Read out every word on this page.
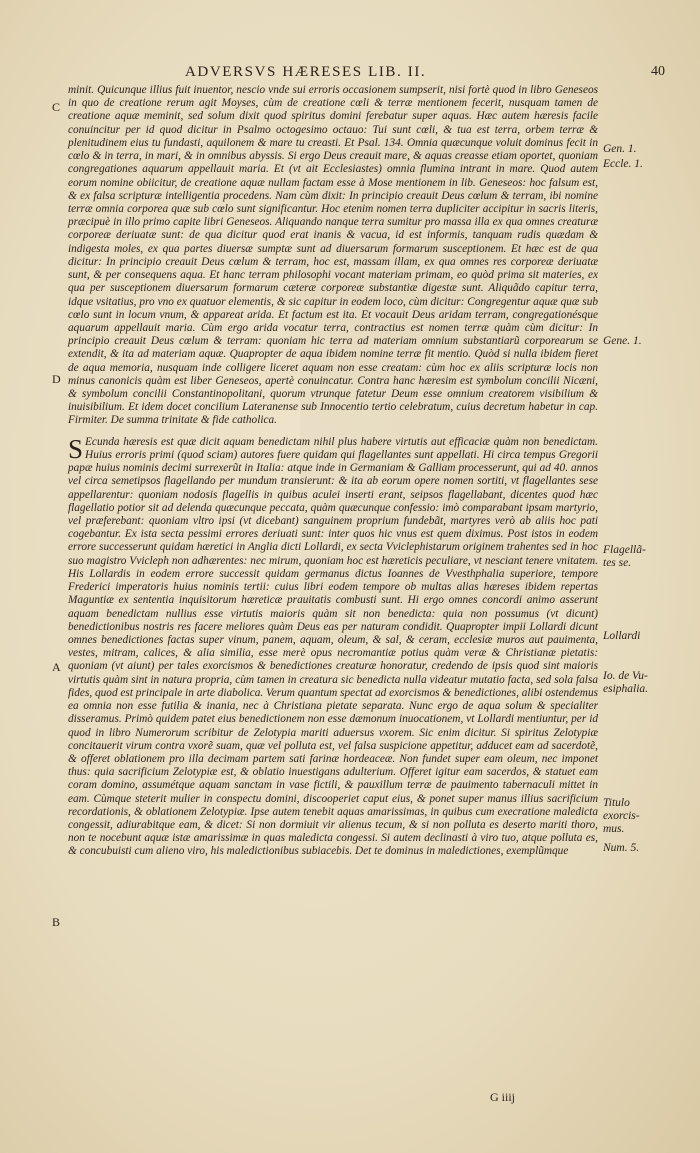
ADVERSVS HÆRESES LIB. II.	40
C
D
A
B
Gen. 1.
Eccle. 1.
Gene. 1.
Flagellã-tes se.
Lollardi
Io. de Vu-esiphalia.
Titulo exorcis-mus.
Num. 5.

minit. Quicunque illius fuit inuentor, nescio vnde sui erroris occasionem sumpserit, nisi fortè quod in libro Geneseos in quo de creatione rerum agit Moyses, cùm de creatione cœli & terræ mentionem fecerit, nusquam tamen de creatione aquæ meminit, sed solum dixit quod spiritus domini ferebatur super aquas. Hæc autem hæresis facile conuincitur per id quod dicitur in Psalmo octogesimo octauo: Tui sunt cœli, & tua est terra, orbem terræ & plenitudinem eius tu fundasti, aquilonem & mare tu creasti. Et Psal. 134. Omnia quæcunque voluit dominus fecit in cœlo & in terra, in mari, & in omnibus abyssis. Si ergo Deus creauit mare, & aquas creasse etiam oportet, quoniam congregationes aquarum appellauit maria. Et (vt ait Ecclesiastes) omnia flumina intrant in mare. Quod autem eorum nomine obiicitur, de creatione aquæ nullam factam esse à Mose mentionem in lib. Geneseos: hoc falsum est, & ex falsa scripturæ intelligentia procedens. Nam cùm dixit: In principio creauit Deus cœlum & terram, ibi nomine terræ omnia corporea quæ sub cœlo sunt significantur. Hoc etenim nomen terra dupliciter accipitur in sacris literis, præcipuè in illo primo capite libri Geneseos. Aliquando nanque terra sumitur pro massa illa ex qua omnes creaturæ corporeæ deriuatæ sunt: de qua dicitur quod erat inanis & vacua, id est informis, tanquam rudis quædam & indigesta moles, ex qua partes diuersæ sumptæ sunt ad diuersarum formarum susceptionem. Et hæc est de qua dicitur: In principio creauit Deus cœlum & terram, hoc est, massam illam, ex qua omnes res corporeæ deriuatæ sunt, & per consequens aqua. Et hanc terram philosophi vocant materiam primam, eo quòd prima sit materies, ex qua per susceptionem diuersarum formarum cæteræ corporeæ substantiæ digestæ sunt. Aliquãdo capitur terra, idque vsitatius, pro vno ex quatuor elementis, & sic capitur in eodem loco, cùm dicitur: Congregentur aquæ quæ sub cœlo sunt in locum vnum, & appareat arida. Et factum est ita. Et vocauit Deus aridam terram, congregationésque aquarum appellauit maria. Cùm ergo arida vocatur terra, contractius est nomen terræ quàm cùm dicitur: In principio creauit Deus cœlum & terram: quoniam hic terra ad materiam omnium substantiarũ corporearum se extendit, & ita ad materiam aquæ. Quapropter de aqua ibidem nomine terræ fit mentio. Quòd si nulla ibidem fieret de aqua memoria, nusquam inde colligere liceret aquam non esse creatam: cùm hoc ex aliis scripturæ locis non minus canonicis quàm est liber Geneseos, apertè conuincatur. Contra hanc hæresim est symbolum concilii Nicæni, & symbolum concilii Constantinopolitani, quorum vtrunque fatetur Deum esse omnium creatorem visibilium & inuisibilium. Et idem docet concilium Lateranense sub Innocentio tertio celebratum, cuius decretum habetur in cap. Firmiter. De summa trinitate & fide catholica.

S Ecunda hæresis est quæ dicit aquam benedictam nihil plus habere virtutis aut efficaciæ quàm non benedictam. Huius erroris primi (quod sciam) autores fuere quidam qui flagellantes sunt appellati. Hi circa tempus Gregorii papæ huius nominis decimi surrexerũt in Italia: atque inde in Germaniam & Galliam processerunt, qui ad 40. annos vel circa semetipsos flagellando per mundum transierunt: & ita ab eorum opere nomen sortiti, vt flagellantes sese appellarentur: quoniam nodosis flagellis in quibus aculei inserti erant, seipsos flagellabant, dicentes quod hæc flagellatio potior sit ad delenda quæcunque peccata, quàm quæcunque confessio: imò comparabant ipsam martyrio, vel præferebant: quoniam vltro ipsi (vt dicebant) sanguinem proprium fundebãt, martyres verò ab aliis hoc pati cogebantur. Ex ista secta pessimi errores deriuati sunt: inter quos hic vnus est quem diximus. Post istos in eodem errore successerunt quidam hæretici in Anglia dicti Lollardi, ex secta Vviclephistarum originem trahentes sed in hoc suo magistro Vvicleph non adhærentes: nec mirum, quoniam hoc est hæreticis peculiare, vt nesciant tenere vnitatem. His Lollardis in eodem errore successit quidam germanus dictus Ioannes de Vvesthphalia superiore, tempore Frederici imperatoris huius nominis tertii: cuius libri eodem tempore ob multas alias hæreses ibidem repertas Maguntiæ ex sententia inquisitorum hæreticæ prauitatis combusti sunt. Hi ergo omnes concordi animo asserunt aquam benedictam nullius esse virtutis maioris quàm sit non benedicta: quia non possumus (vt dicunt) benedictionibus nostris res facere meliores quàm Deus eas per naturam condidit. Quapropter impii Lollardi dicunt omnes benedictiones factas super vinum, panem, aquam, oleum, & sal, & ceram, ecclesiæ muros aut pauimenta, vestes, mitram, calices, & alia similia, esse merè opus necromantiæ potius quàm veræ & Christianæ pietatis: quoniam (vt aiunt) per tales exorcismos & benedictiones creaturæ honoratur, credendo de ipsis quod sint maioris virtutis quàm sint in natura propria, cùm tamen in creatura sic benedicta nulla videatur mutatio facta, sed sola falsa fides, quod est principale in arte diabolica. Verum quantum spectat ad exorcismos & benedictiones, alibi ostendemus ea omnia non esse futilia & inania, nec à Christiana pietate separata. Nunc ergo de aqua solum & specialiter disseramus. Primò quidem patet eius benedictionem non esse dæmonum inuocationem, vt Lollardi mentiuntur, per id quod in libro Numerorum scribitur de Zelotypia mariti aduersus vxorem. Sic enim dicitur. Si spiritus Zelotypiæ concitauerit virum contra vxorẽ suam, quæ vel polluta est, vel falsa suspicione appetitur, adducet eam ad sacerdotẽ, & offeret oblationem pro illa decimam partem sati farinæ hordeaceæ. Non fundet super eam oleum, nec imponet thus: quia sacrificium Zelotypiæ est, & oblatio inuestigans adulterium. Offeret igitur eam sacerdos, & statuet eam coram domino, assumétque aquam sanctam in vase fictili, & pauxillum terræ de pauimento tabernaculi mittet in eam. Cùmque steterit mulier in conspectu domini, discooperiet caput eius, & ponet super manus illius sacrificium recordationis, & oblationem Zelotypiæ. Ipse autem tenebit aquas amarissimas, in quibus cum execratione maledicta congessit, adiurabitque eam, & dicet: Si non dormiuit vir alienus tecum, & si non polluta es deserto mariti thoro, non te nocebunt aquæ istæ amarissimæ in quas maledicta congessi. Si autem declinasti à viro tuo, atque polluta es, & concubuisti cum alieno viro, his maledictionibus subiacebis. Det te dominus in maledictiones, exemplũmque

G iiij
